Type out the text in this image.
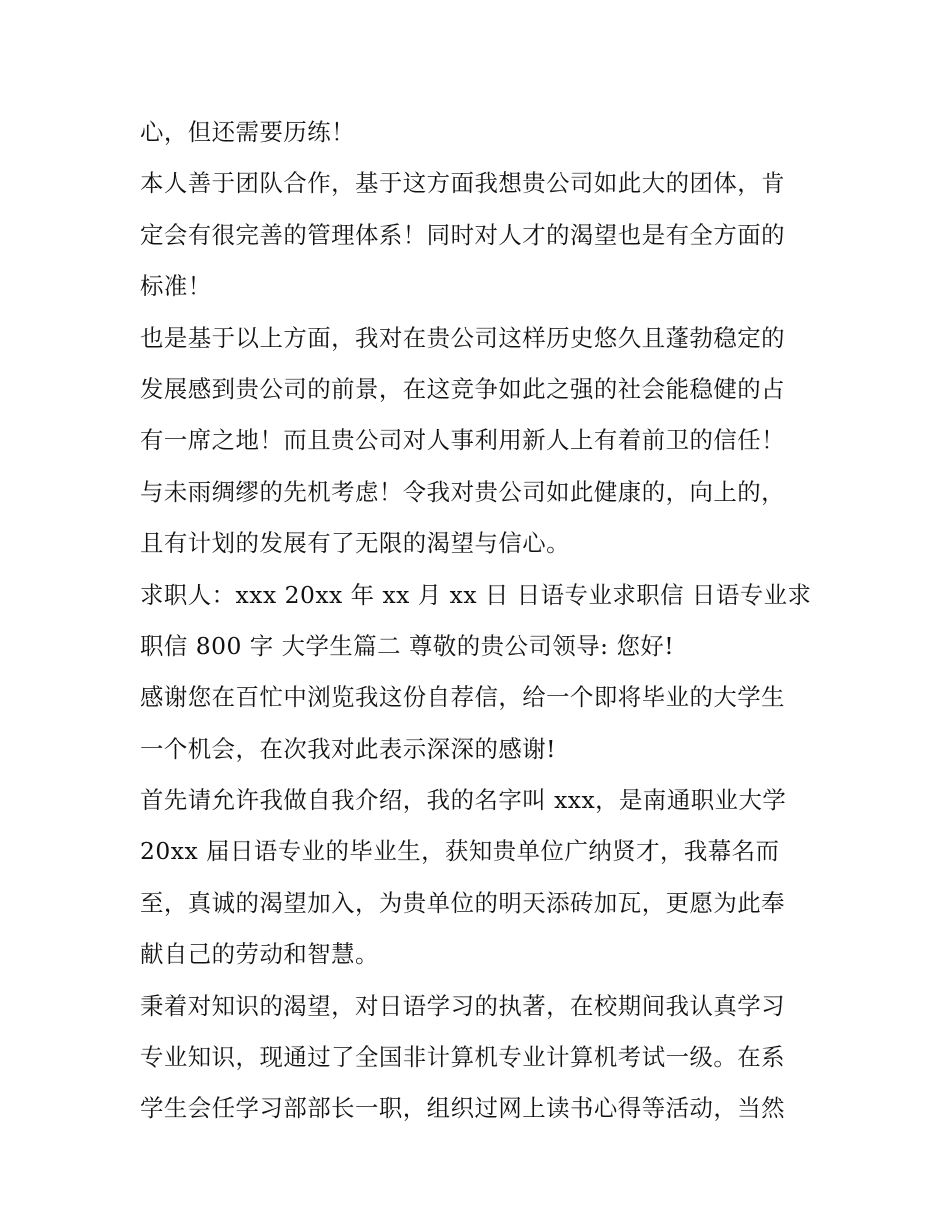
心，但还需要历练！
本人善于团队合作，基于这方面我想贵公司如此大的团体，肯
定会有很完善的管理体系！同时对人才的渴望也是有全方面的
标准！
也是基于以上方面，我对在贵公司这样历史悠久且蓬勃稳定的
发展感到贵公司的前景，在这竞争如此之强的社会能稳健的占
有一席之地！而且贵公司对人事利用新人上有着前卫的信任！
与未雨绸缪的先机考虑！令我对贵公司如此健康的，向上的，
且有计划的发展有了无限的渴望与信心。
求职人：xxx 20xx 年 xx 月 xx 日 日语专业求职信 日语专业求
职信 800 字 大学生篇二 尊敬的贵公司领导: 您好!
感谢您在百忙中浏览我这份自荐信，给一个即将毕业的大学生
一个机会，在次我对此表示深深的感谢!
首先请允许我做自我介绍，我的名字叫 xxx，是南通职业大学
20xx 届日语专业的毕业生，获知贵单位广纳贤才，我幕名而
至，真诚的渴望加入，为贵单位的明天添砖加瓦，更愿为此奉
献自己的劳动和智慧。
秉着对知识的渴望，对日语学习的执著，在校期间我认真学习
专业知识，现通过了全国非计算机专业计算机考试一级。在系
学生会任学习部部长一职，组织过网上读书心得等活动，当然
